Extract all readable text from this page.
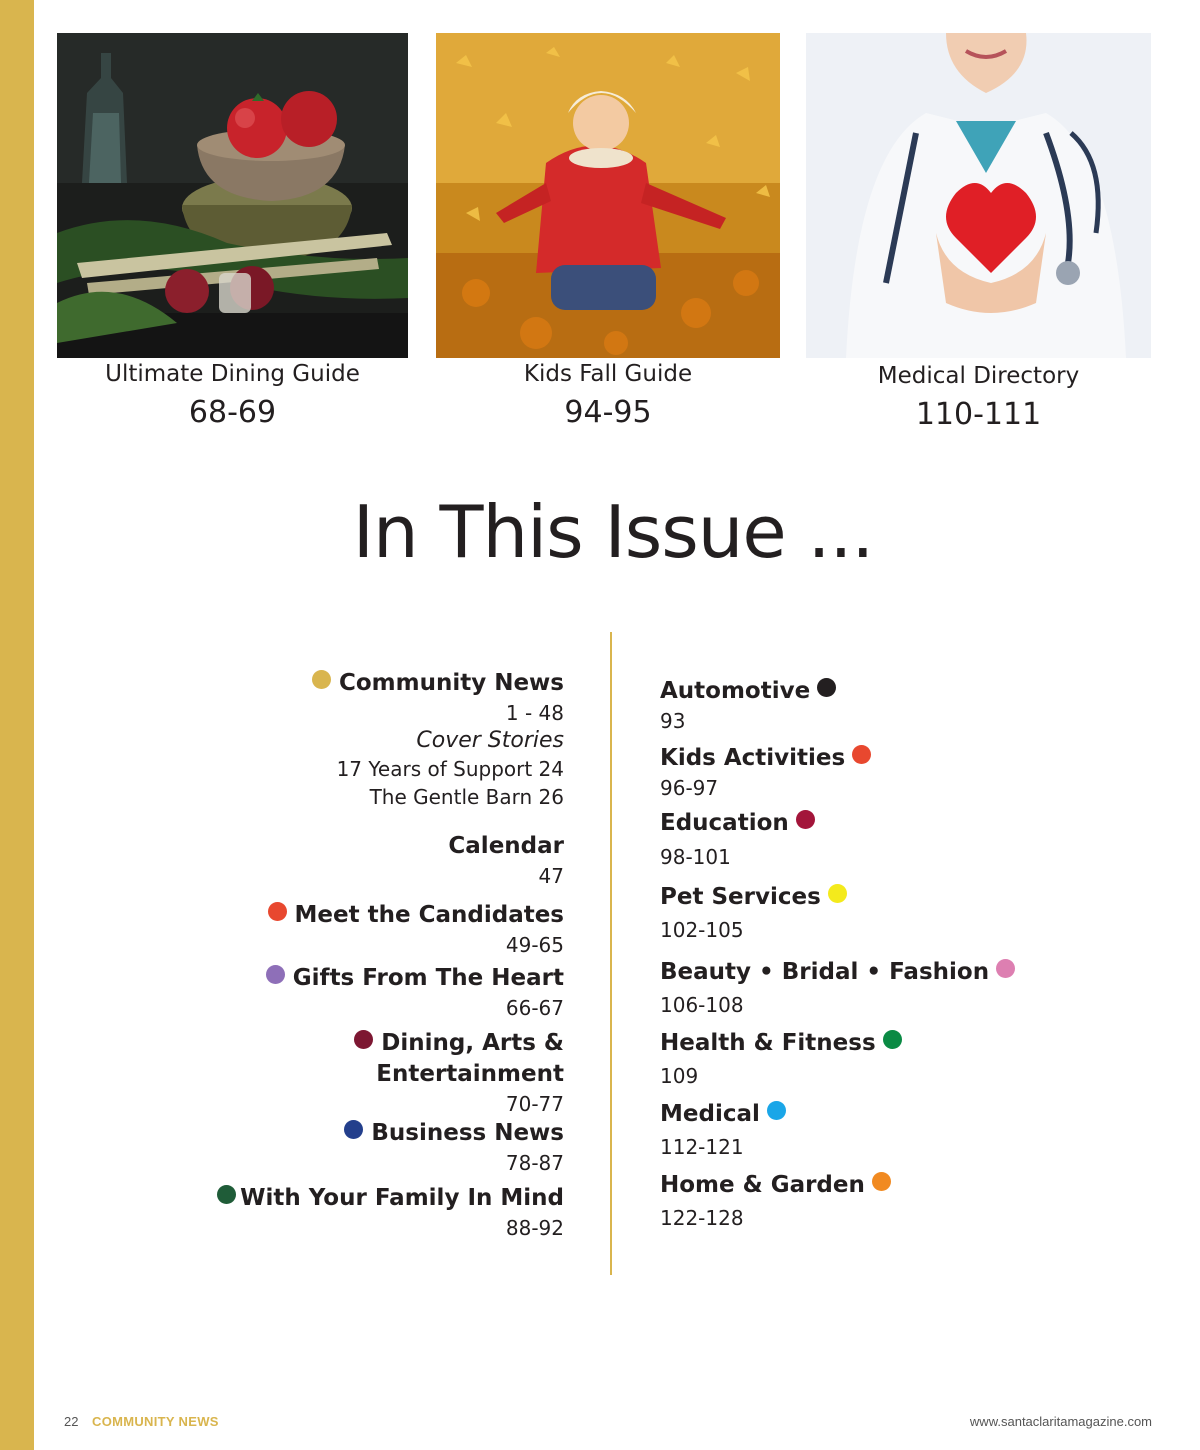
Ultimate Dining Guide
68-69
Kids Fall Guide
94-95
Medical Directory
110-111
In This Issue ...
Community News
1 - 48
Cover Stories
17 Years of Support 24
The Gentle Barn 26
Calendar
47
Meet the Candidates
49-65
Gifts From The Heart
66-67
Dining, Arts &
Entertainment
70-77
Business News
78-87
With Your Family In Mind
88-92
Automotive
93
Kids Activities
96-97
Education
98-101
Pet Services
102-105
Beauty • Bridal • Fashion
106-108
Health & Fitness
109
Medical
112-121
Home & Garden
122-128
22 COMMUNITY NEWS	www.santaclaritamagazine.com
